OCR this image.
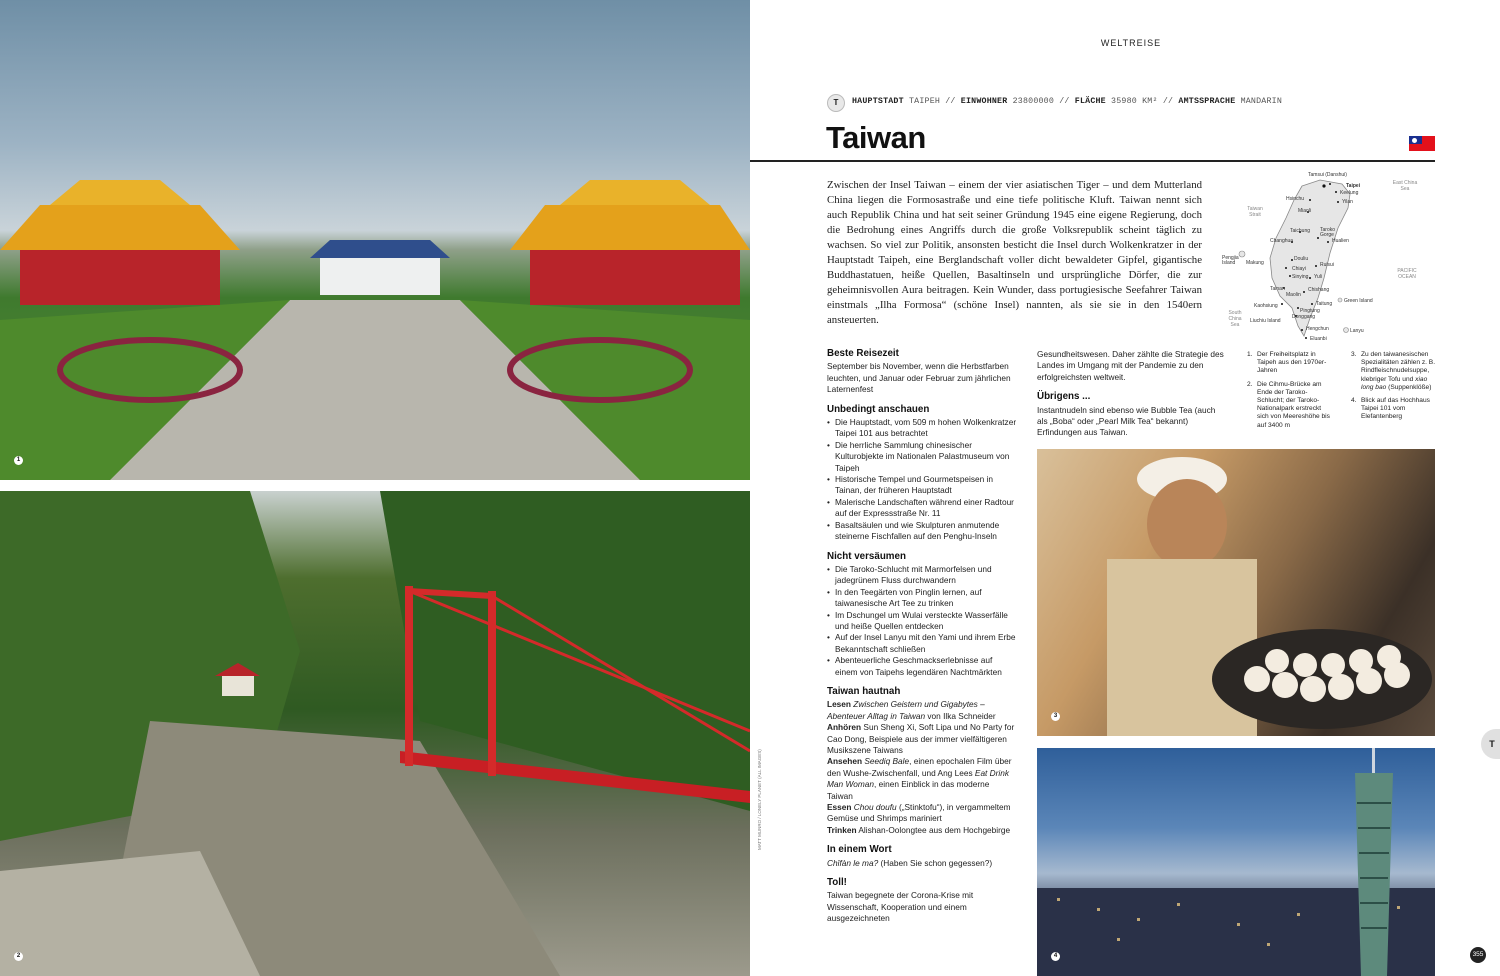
1
2
3
4
MATT MUNRO / LONELY PLANET (ALL IMAGES)
WELTREISE
T	HAUPTSTADT TAIPEH // EINWOHNER 23800000 // FLÄCHE 35980 KM² // AMTSSPRACHE MANDARIN
Taiwan
Zwischen der Insel Taiwan – einem der vier asiatischen Tiger – und dem Mutterland China liegen die Formosastraße und eine tiefe politische Kluft. Taiwan nennt sich auch Republik China und hat seit seiner Gründung 1945 eine eigene Regierung, doch die Bedrohung eines Angriffs durch die große Volksrepublik scheint täglich zu wachsen. So viel zur Politik, ansonsten besticht die Insel durch Wolkenkratzer in der Hauptstadt Taipeh, eine Berglandschaft voller dicht bewaldeter Gipfel, gigantische Buddhastatuen, heiße Quellen, Basaltinseln und ursprüngliche Dörfer, die zur geheimnisvollen Aura beitragen. Kein Wunder, dass portugiesische Seefahrer Taiwan einstmals „Ilha Formosa“ (schöne Insel) nannten, als sie sie in den 1540ern ansteuerten.
Tamsui (Danshui)
Taipei
Keelung
Yilan
Hsinchu
Miaoli
Taichung Taroko Gorge
Hualien
Changhua
Pengjia Island	Makung
Douliu
Chiayi
Sinying
Ruisui
Yuli
Tainan	Chishang
Maolin
Kaohsiung	Taitung Green Island
Pingtung
Liuchiu Island
Donggang
Lanyu
Hengchun
Eluanbi
Taiwan Strait
East China Sea
PACIFIC OCEAN
South China Sea
Beste Reisezeit

September bis November, wenn die Herbstfarben leuchten, und Januar oder Februar zum jährlichen Laternenfest

Unbedingt anschauen
• Die Hauptstadt, vom 509 m hohen Wolkenkratzer Taipei 101 aus betrachtet
• Die herrliche Sammlung chinesischer Kulturobjekte im Nationalen Palastmuseum von Taipeh
• Historische Tempel und Gourmetspeisen in Tainan, der früheren Hauptstadt
• Malerische Landschaften während einer Radtour auf der Expressstraße Nr. 11
• Basaltsäulen und wie Skulpturen anmutende steinerne Fischfallen auf den Penghu-Inseln
Nicht versäumen
• Die Taroko-Schlucht mit Marmorfelsen und jadegrünem Fluss durchwandern
• In den Teegärten von Pinglin lernen, auf taiwanesische Art Tee zu trinken
• Im Dschungel um Wulai versteckte Wasserfälle und heiße Quellen entdecken
• Auf der Insel Lanyu mit den Yami und ihrem Erbe Bekanntschaft schließen
• Abenteuerliche Geschmackserlebnisse auf einem von Taipehs legendären Nachtmärkten
Taiwan hautnah

Lesen Zwischen Geistern und Gigabytes – Abenteuer Alltag in Taiwan von Ilka Schneider

Anhören Sun Sheng Xi, Soft Lipa und No Party for Cao Dong, Beispiele aus der immer vielfältigeren Musikszene Taiwans

Ansehen Seediq Bale, einen epochalen Film über den Wushe-Zwischenfall, und Ang Lees Eat Drink Man Woman, einen Einblick in das moderne Taiwan

Essen Chou doufu („Stinktofu“), in vergammeltem Gemüse und Shrimps mariniert

Trinken Alishan-Oolongtee aus dem Hochgebirge

In einem Wort

Chīfàn le ma? (Haben Sie schon gegessen?)

Toll!

Taiwan begegnete der Corona-Krise mit Wissenschaft, Kooperation und einem ausgezeichneten

Gesundheitswesen. Daher zählte die Strategie des Landes im Umgang mit der Pandemie zu den erfolgreichsten weltweit.

Übrigens ...

Instantnudeln sind ebenso wie Bubble Tea (auch als „Boba“ oder „Pearl Milk Tea“ bekannt) Erfindungen aus Taiwan.

1. Der Freiheitsplatz in Taipeh aus den 1970er-Jahren
2. Die Cihmu-Brücke am Ende der Taroko-Schlucht; der Taroko-Nationalpark erstreckt sich von Meereshöhe bis auf 3400 m
3. Zu den taiwanesischen Spezialitäten zählen z. B. Rindfleischnudelsuppe, klebriger Tofu und xiao long bao (Suppenklöße)
4. Blick auf das Hochhaus Taipei 101 vom Elefantenberg
T
355
